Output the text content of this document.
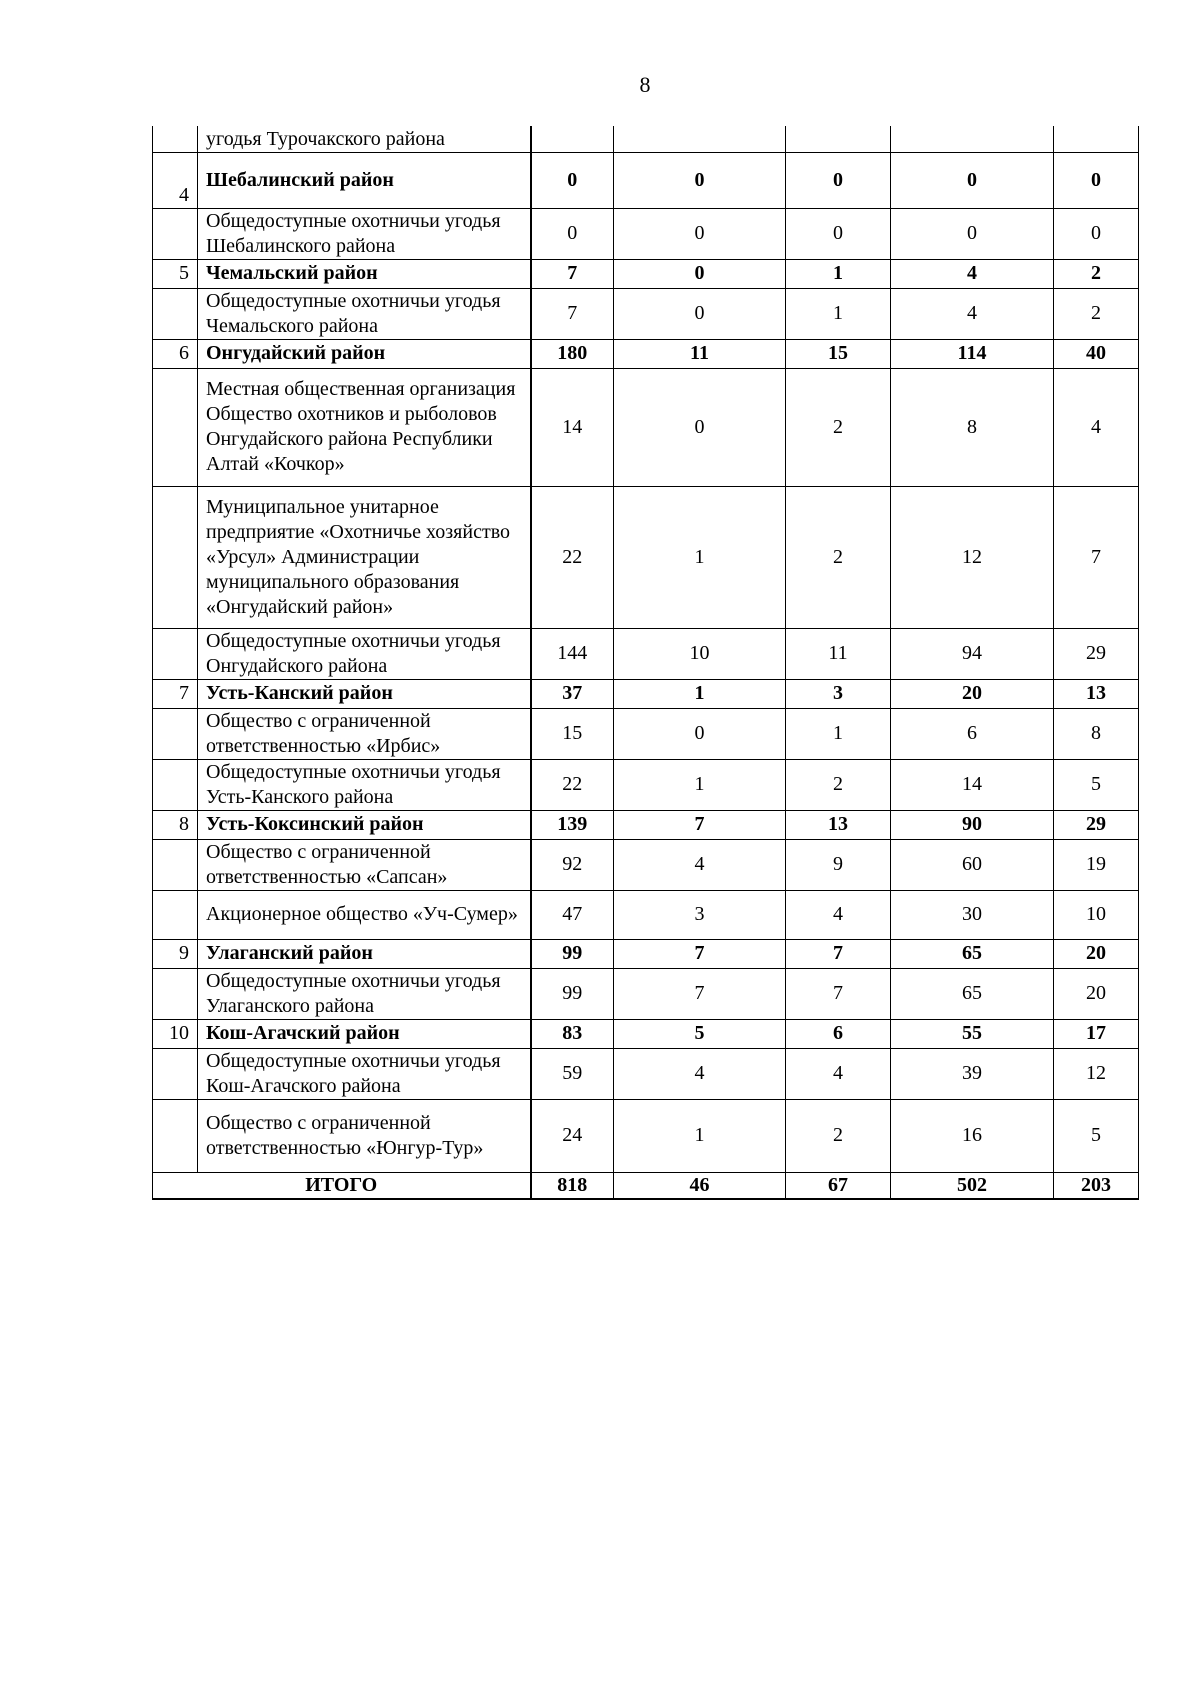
8
	угодья Турочакского района					
4	Шебалинский район	0	0	0	0	0
	Общедоступные охотничьи угодья Шебалинского района	0	0	0	0	0
5	Чемальский район	7	0	1	4	2
	Общедоступные охотничьи угодья Чемальского района	7	0	1	4	2
6	Онгудайский район	180	11	15	114	40
	Местная общественная организация Общество охотников и рыболовов Онгудайского района Республики Алтай «Кочкор»	14	0	2	8	4
	Муниципальное унитарное предприятие «Охотничье хозяйство «Урсул» Администрации муниципального образования «Онгудайский район»	22	1	2	12	7
	Общедоступные охотничьи угодья Онгудайского района	144	10	11	94	29
7	Усть-Канский район	37	1	3	20	13
	Общество с ограниченной ответственностью «Ирбис»	15	0	1	6	8
	Общедоступные охотничьи угодья Усть-Канского района	22	1	2	14	5
8	Усть-Коксинский район	139	7	13	90	29
	Общество с ограниченной ответственностью «Сапсан»	92	4	9	60	19
	Акционерное общество «Уч-Сумер»	47	3	4	30	10
9	Улаганский район	99	7	7	65	20
	Общедоступные охотничьи угодья Улаганского района	99	7	7	65	20
10	Кош-Агачский район	83	5	6	55	17
	Общедоступные охотничьи угодья Кош-Агачского района	59	4	4	39	12
	Общество с ограниченной ответственностью «Юнгур-Тур»	24	1	2	16	5
ИТОГО		818	46	67	502	203
